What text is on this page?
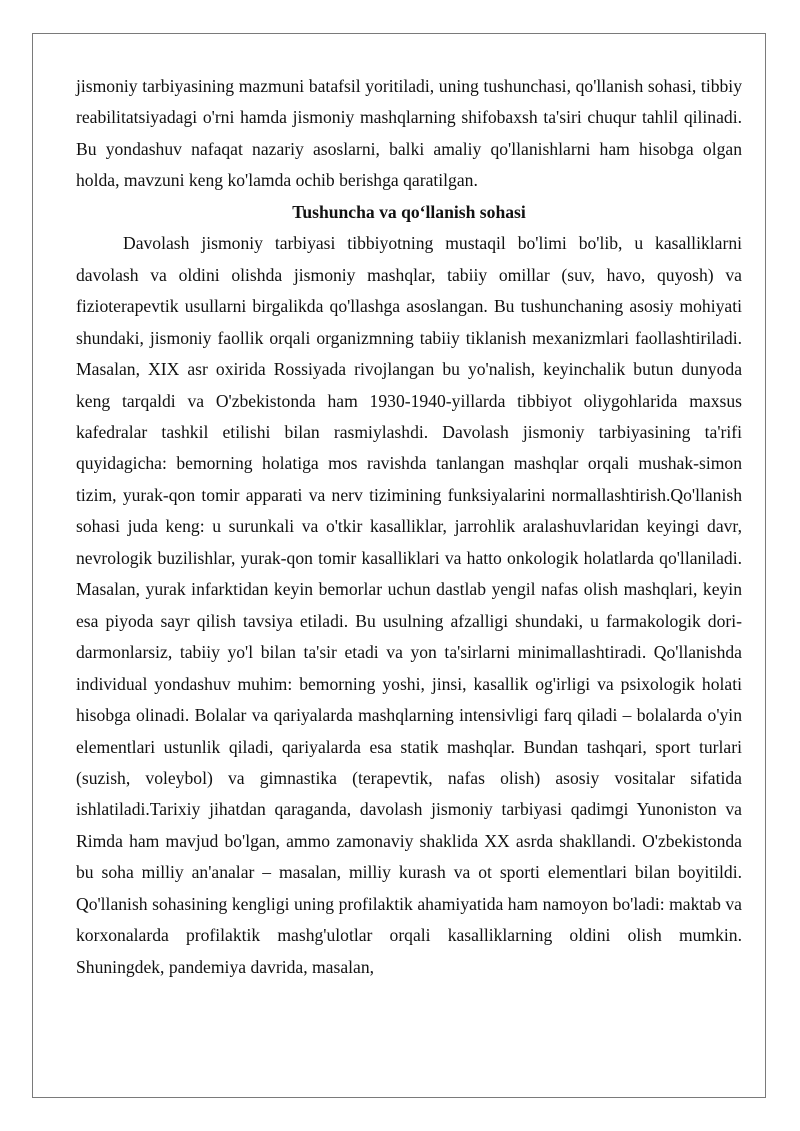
jismoniy tarbiyasining mazmuni batafsil yoritiladi, uning tushunchasi, qo'llanish sohasi, tibbiy reabilitatsiyadagi o'rni hamda jismoniy mashqlarning shifobaxsh ta'siri chuqur tahlil qilinadi. Bu yondashuv nafaqat nazariy asoslarni, balki amaliy qo'llanishlarni ham hisobga olgan holda, mavzuni keng ko'lamda ochib berishga qaratilgan.

Tushuncha va qo‘llanish sohasi

Davolash jismoniy tarbiyasi tibbiyotning mustaqil bo'limi bo'lib, u kasalliklarni davolash va oldini olishda jismoniy mashqlar, tabiiy omillar (suv, havo, quyosh) va fizioterapevtik usullarni birgalikda qo'llashga asoslangan. Bu tushunchaning asosiy mohiyati shundaki, jismoniy faollik orqali organizmning tabiiy tiklanish mexanizmlari faollashtiriladi. Masalan, XIX asr oxirida Rossiyada rivojlangan bu yo'nalish, keyinchalik butun dunyoda keng tarqaldi va O'zbekistonda ham 1930-1940-yillarda tibbiyot oliygohlarida maxsus kafedralar tashkil etilishi bilan rasmiylashdi. Davolash jismoniy tarbiyasining ta'rifi quyidagicha: bemorning holatiga mos ravishda tanlangan mashqlar orqali mushak-simon tizim, yurak-qon tomir apparati va nerv tizimining funksiyalarini normallashtirish.Qo'llanish sohasi juda keng: u surunkali va o'tkir kasalliklar, jarrohlik aralashuvlaridan keyingi davr, nevrologik buzilishlar, yurak-qon tomir kasalliklari va hatto onkologik holatlarda qo'llaniladi. Masalan, yurak infarktidan keyin bemorlar uchun dastlab yengil nafas olish mashqlari, keyin esa piyoda sayr qilish tavsiya etiladi. Bu usulning afzalligi shundaki, u farmakologik dori-darmonlarsiz, tabiiy yo'l bilan ta'sir etadi va yon ta'sirlarni minimallashtiradi. Qo'llanishda individual yondashuv muhim: bemorning yoshi, jinsi, kasallik og'irligi va psixologik holati hisobga olinadi. Bolalar va qariyalarda mashqlarning intensivligi farq qiladi – bolalarda o'yin elementlari ustunlik qiladi, qariyalarda esa statik mashqlar. Bundan tashqari, sport turlari (suzish, voleybol) va gimnastika (terapevtik, nafas olish) asosiy vositalar sifatida ishlatiladi.Tarixiy jihatdan qaraganda, davolash jismoniy tarbiyasi qadimgi Yunoniston va Rimda ham mavjud bo'lgan, ammo zamonaviy shaklida XX asrda shakllandi. O'zbekistonda bu soha milliy an'analar – masalan, milliy kurash va ot sporti elementlari bilan boyitildi. Qo'llanish sohasining kengligi uning profilaktik ahamiyatida ham namoyon bo'ladi: maktab va korxonalarda profilaktik mashg'ulotlar orqali kasalliklarning oldini olish mumkin. Shuningdek, pandemiya davrida, masalan,
